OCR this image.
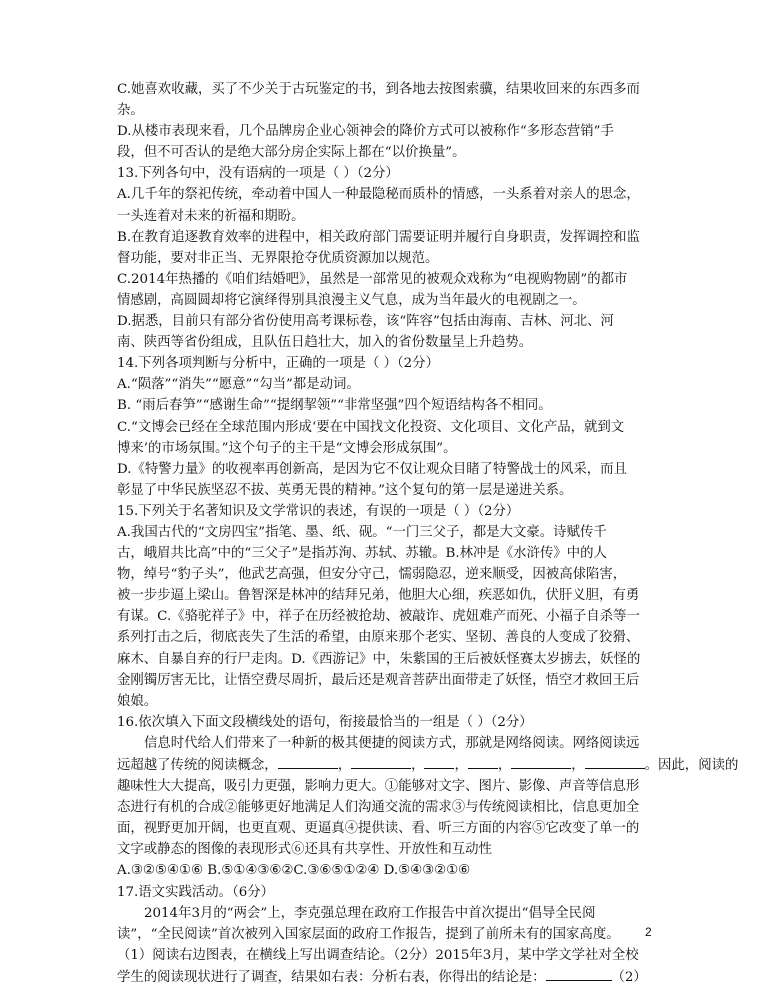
C.她喜欢收藏，买了不少关于古玩鉴定的书，到各地去按图索骥，结果收回来的东西多而
杂。
D.从楼市表现来看，几个品牌房企业心领神会的降价方式可以被称作“多形态营销”手
段，但不可否认的是绝大部分房企实际上都在“以价换量”。
13.下列各句中，没有语病的一项是（ ）（2分）
A.几千年的祭祀传统，牵动着中国人一种最隐秘而质朴的情感，一头系着对亲人的思念，
一头连着对未来的祈福和期盼。
B.在教育追逐教育效率的进程中，相关政府部门需要证明并履行自身职责，发挥调控和监
督功能，要对非正当、无界限抢夺优质资源加以规范。
C.2014年热播的《咱们结婚吧》，虽然是一部常见的被观众戏称为“电视购物剧”的都市
情感剧，高圆圆却将它演绎得别具浪漫主义气息，成为当年最火的电视剧之一。
D.据悉，目前只有部分省份使用高考课标卷，该“阵容”包括由海南、吉林、河北、河
南、陕西等省份组成，且队伍日趋壮大，加入的省份数量呈上升趋势。
14.下列各项判断与分析中，正确的一项是（ ）（2分）
A.“陨落”“消失”“愿意”“勾当”都是动词。
B. “雨后春笋”“感谢生命”“提纲挈领”“非常坚强”四个短语结构各不相同。
C.“文博会已经在全球范围内形成‘要在中国找文化投资、文化项目、文化产品，就到文
博来’的市场氛围。”这个句子的主干是“文博会形成氛围”。
D.《特警力量》的收视率再创新高，是因为它不仅让观众目睹了特警战士的风采，而且
彰显了中华民族坚忍不拔、英勇无畏的精神。”这个复句的第一层是递进关系。
15.下列关于名著知识及文学常识的表述，有误的一项是（ ）（2分）
A.我国古代的“文房四宝”指笔、墨、纸、砚。“一门三父子，都是大文豪。诗赋传千
古，峨眉共比高”中的“三父子”是指苏洵、苏轼、苏辙。B.林冲是《水浒传》中的人
物，绰号“豹子头”，他武艺高强，但安分守己，懦弱隐忍，逆来顺受，因被高俅陷害，
被一步步逼上梁山。鲁智深是林冲的结拜兄弟，他胆大心细，疾恶如仇，伏肝义胆，有勇
有谋。C.《骆驼祥子》中，祥子在历经被抢劫、被敲诈、虎妞难产而死、小福子自杀等一
系列打击之后，彻底丧失了生活的希望，由原来那个老实、坚韧、善良的人变成了狡猾、
麻木、自暴自弃的行尸走肉。D.《西游记》中，朱紫国的王后被妖怪赛太岁掳去，妖怪的
金刚镯厉害无比，让悟空费尽周折，最后还是观音菩萨出面带走了妖怪，悟空才救回王后
娘娘。
16.依次填入下面文段横线处的语句，衔接最恰当的一组是（ ）（2分）
信息时代给人们带来了一种新的极其便捷的阅读方式，那就是网络阅读。网络阅读远
远超越了传统的阅读概念，	，	， ， ，	，	。因此，阅读的
趣味性大大提高，吸引力更强，影响力更大。①能够对文字、图片、影像、声音等信息形
态进行有机的合成②能够更好地满足人们沟通交流的需求③与传统阅读相比，信息更加全
面，视野更加开阔，也更直观、更逼真④提供读、看、听三方面的内容⑤它改变了单一的
文字或静态的图像的表现形式⑥还具有共享性、开放性和互动性
A.③②⑤④①⑥ B.⑤①④③⑥②C.③⑥⑤①②④ D.⑤④③②①⑥
17.语文实践活动。（6分）
2014年3月的“两会”上，李克强总理在政府工作报告中首次提出“倡导全民阅
读”，“全民阅读”首次被列入国家层面的政府工作报告，提到了前所未有的国家高度。
（1）阅读右边图表，在横线上写出调查结论。（2分）2015年3月，某中学文学社对全校
学生的阅读现状进行了调查，结果如右表：分析右表，你得出的结论是：	（2）
2
